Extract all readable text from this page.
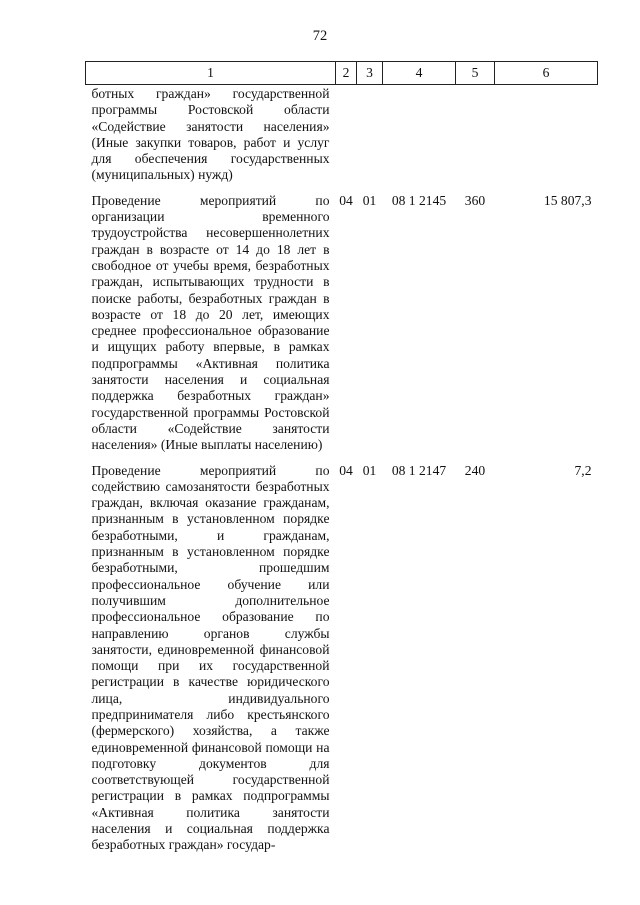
72
1	2	3	4	5	6
ботных граждан» государственной программы Ростовской области «Содействие занятости населения» (Иные закупки товаров, работ и услуг для обеспечения государственных (муниципальных) нужд)					
Проведение мероприятий по организации временного трудоустройства несовершеннолетних граждан в возрасте от 14 до 18 лет в свободное от учебы время, безработных граждан, испытывающих трудности в поиске работы, безработных граждан в возрасте от 18 до 20 лет, имеющих среднее профессиональное образование и ищущих работу впервые, в рамках подпрограммы «Активная политика занятости населения и социальная поддержка безработных граждан» государственной программы Ростовской области «Содействие занятости населения» (Иные выплаты населению)	04	01	08 1 2145	360	15 807,3
Проведение мероприятий по содействию самозанятости безработных граждан, включая оказание гражданам, признанным в установленном порядке безработными, и гражданам, признанным в установленном порядке безработными, прошедшим профессиональное обучение или получившим дополнительное профессиональное образование по направлению органов службы занятости, единовременной финансовой помощи при их государственной регистрации в качестве юридического лица, индивидуального предпринимателя либо крестьянского (фермерского) хозяйства, а также единовременной финансовой помощи на подготовку документов для соответствующей государственной регистрации в рамках подпрограммы «Активная политика занятости населения и социальная поддержка безработных граждан» государ-	04	01	08 1 2147	240	7,2
